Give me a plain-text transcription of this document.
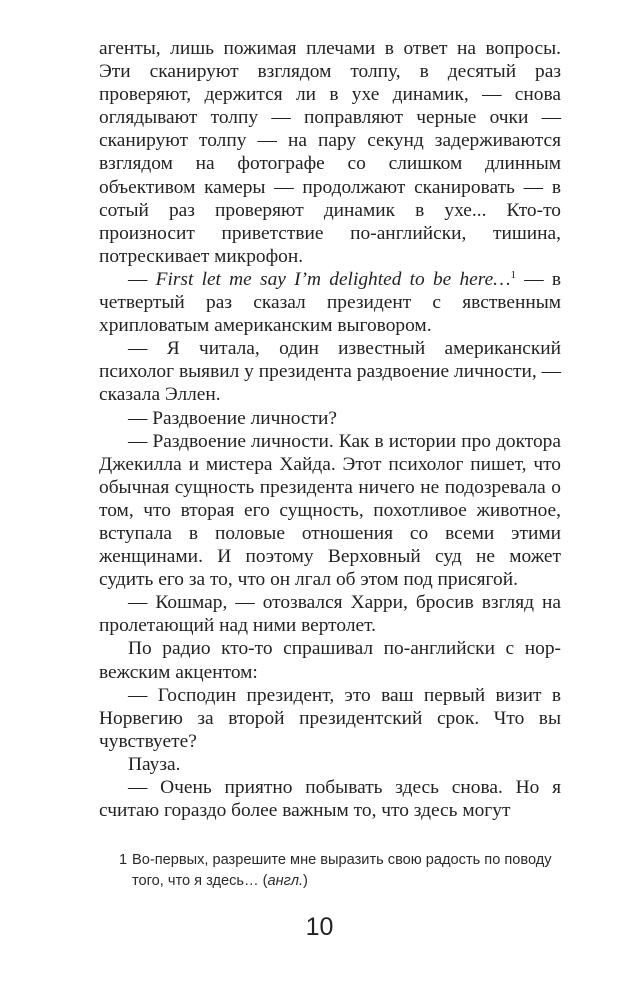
агенты, лишь пожимая плечами в ответ на вопросы. Эти сканируют взглядом толпу, в десятый раз проверяют, держится ли в ухе динамик, — снова оглядывают толпу — поправляют черные очки — сканируют толпу — на пару секунд задерживаются взглядом на фотографе со слишком длинным объективом камеры — продолжают сканировать — в сотый раз проверяют динамик в ухе... Кто-то произносит приветствие по-английски, тишина, потрескивает микрофон.

— First let me say I’m delighted to be here…$^1$ — в четвертый раз сказал президент с явственным хрипловатым американским выговором.

— Я читала, один известный американский психолог выявил у президента раздвоение личности, — сказала Эллен.

— Раздвоение личности?

— Раздвоение личности. Как в истории про доктора Джекилла и мистера Хайда. Этот психолог пишет, что обычная сущность президента ничего не подозревала о том, что вторая его сущность, похотливое животное, вступала в половые отношения со всеми этими женщинами. И поэтому Верховный суд не может судить его за то, что он лгал об этом под присягой.

— Кошмар, — отозвался Харри, бросив взгляд на пролетающий над ними вертолет.

По радио кто-то спрашивал по-английски с норвежским акцентом:

— Господин президент, это ваш первый визит в Норвегию за второй президентский срок. Что вы чувствуете?

Пауза.

— Очень приятно побывать здесь снова. Но я считаю гораздо более важным то, что здесь могут

1 Во-первых, разрешите мне выразить свою радость по поводу того, что я здесь… (англ.)
10
